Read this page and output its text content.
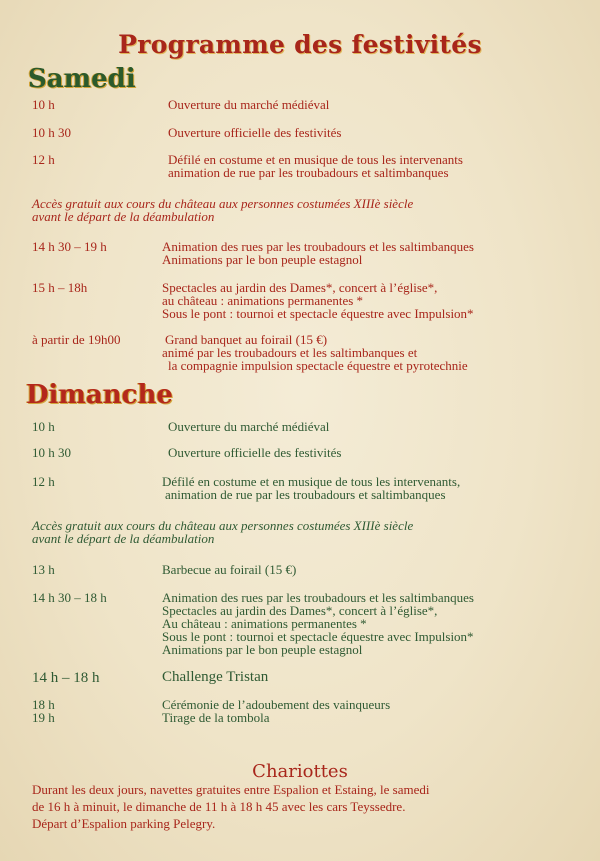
Programme des festivités
Samedi
10 h	Ouverture du marché médiéval
10 h 30	Ouverture officielle des festivités
12 h	Défilé en costume et en musique de tous les intervenants
animation de rue par les troubadours et saltimbanques
Accès gratuit aux cours du château aux personnes costumées XIIIè siècle
avant le départ de la déambulation
14 h 30 – 19 h	Animation des rues par les troubadours et les saltimbanques
Animations par le bon peuple estagnol
15 h – 18h	Spectacles au jardin des Dames*, concert à l’église*,
au château : animations permanentes *
Sous le pont : tournoi et spectacle équestre avec Impulsion*
à partir de 19h00	Grand banquet au foirail (15 €)
animé par les troubadours et les saltimbanques et
la compagnie impulsion spectacle équestre et pyrotechnie
Dimanche
10 h	Ouverture du marché médiéval
10 h 30	Ouverture officielle des festivités
12 h	Défilé en costume et en musique de tous les intervenants,
animation de rue par les troubadours et saltimbanques
Accès gratuit aux cours du château aux personnes costumées XIIIè siècle
avant le départ de la déambulation
13 h	Barbecue au foirail (15 €)
14 h 30 – 18 h	Animation des rues par les troubadours et les saltimbanques
Spectacles au jardin des Dames*, concert à l’église*,
Au château : animations permanentes *
Sous le pont : tournoi et spectacle équestre avec Impulsion*
Animations par le bon peuple estagnol
14 h – 18 h	Challenge Tristan
18 h	Cérémonie de l’adoubement des vainqueurs
19 h	Tirage de la tombola
Chariottes
Durant les deux jours, navettes gratuites entre Espalion et Estaing, le samedi
de 16 h à minuit, le dimanche de 11 h à 18 h 45 avec les cars Teyssedre.
Départ d’Espalion parking Pelegry.
